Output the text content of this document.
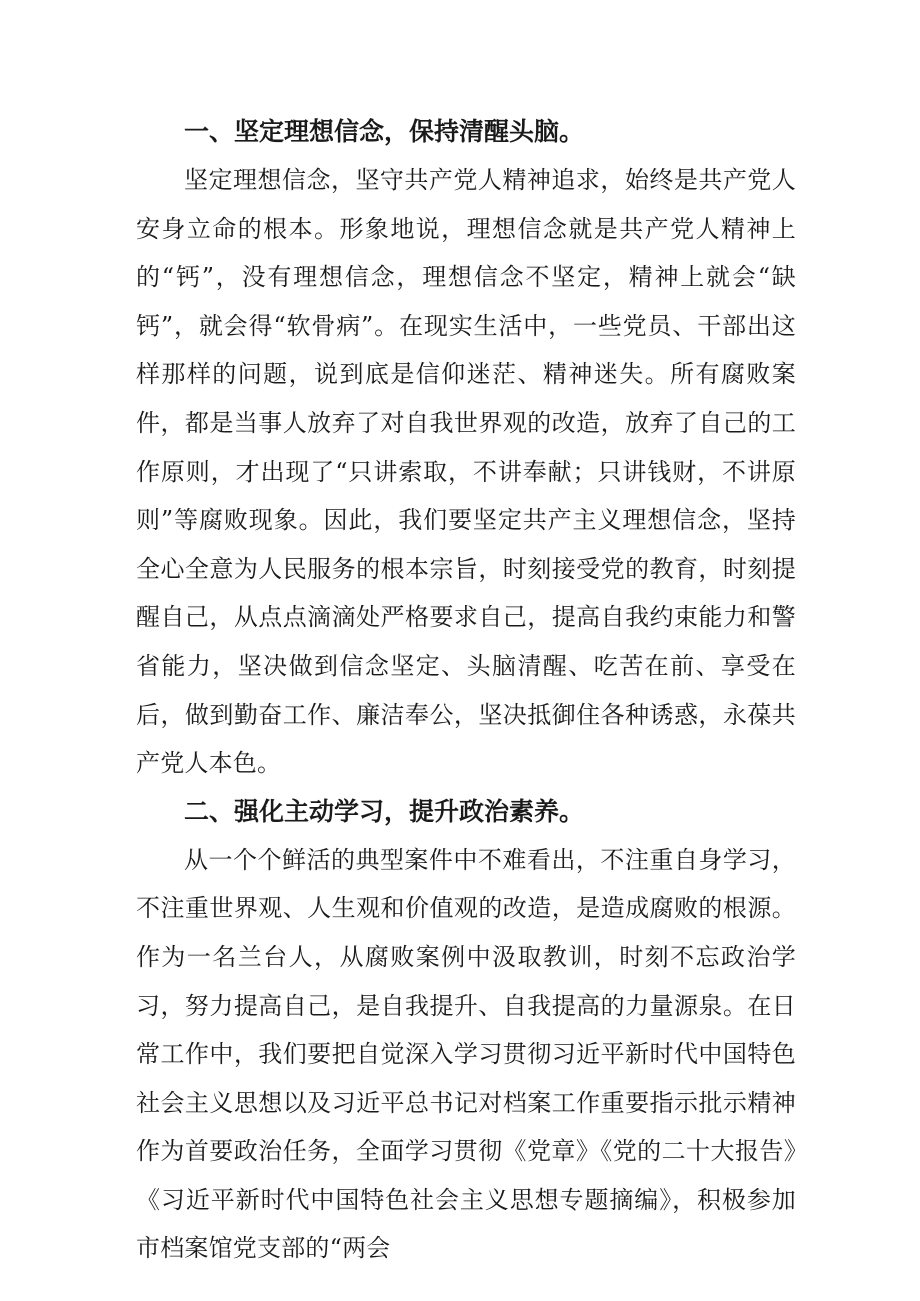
一、坚定理想信念，保持清醒头脑。

坚定理想信念，坚守共产党人精神追求，始终是共产党人安身立命的根本。形象地说，理想信念就是共产党人精神上的“钙”，没有理想信念，理想信念不坚定，精神上就会“缺钙”，就会得“软骨病”。在现实生活中，一些党员、干部出这样那样的问题，说到底是信仰迷茫、精神迷失。所有腐败案件，都是当事人放弃了对自我世界观的改造，放弃了自己的工作原则，才出现了“只讲索取，不讲奉献；只讲钱财，不讲原则”等腐败现象。因此，我们要坚定共产主义理想信念，坚持全心全意为人民服务的根本宗旨，时刻接受党的教育，时刻提醒自己，从点点滴滴处严格要求自己，提高自我约束能力和警省能力，坚决做到信念坚定、头脑清醒、吃苦在前、享受在后，做到勤奋工作、廉洁奉公，坚决抵御住各种诱惑，永葆共产党人本色。

二、强化主动学习，提升政治素养。

从一个个鲜活的典型案件中不难看出，不注重自身学习，不注重世界观、人生观和价值观的改造，是造成腐败的根源。作为一名兰台人，从腐败案例中汲取教训，时刻不忘政治学习，努力提高自己，是自我提升、自我提高的力量源泉。在日常工作中，我们要把自觉深入学习贯彻习近平新时代中国特色社会主义思想以及习近平总书记对档案工作重要指示批示精神作为首要政治任务，全面学习贯彻《党章》《党的二十大报告》《习近平新时代中国特色社会主义思想专题摘编》，积极参加市档案馆党支部的“两会
